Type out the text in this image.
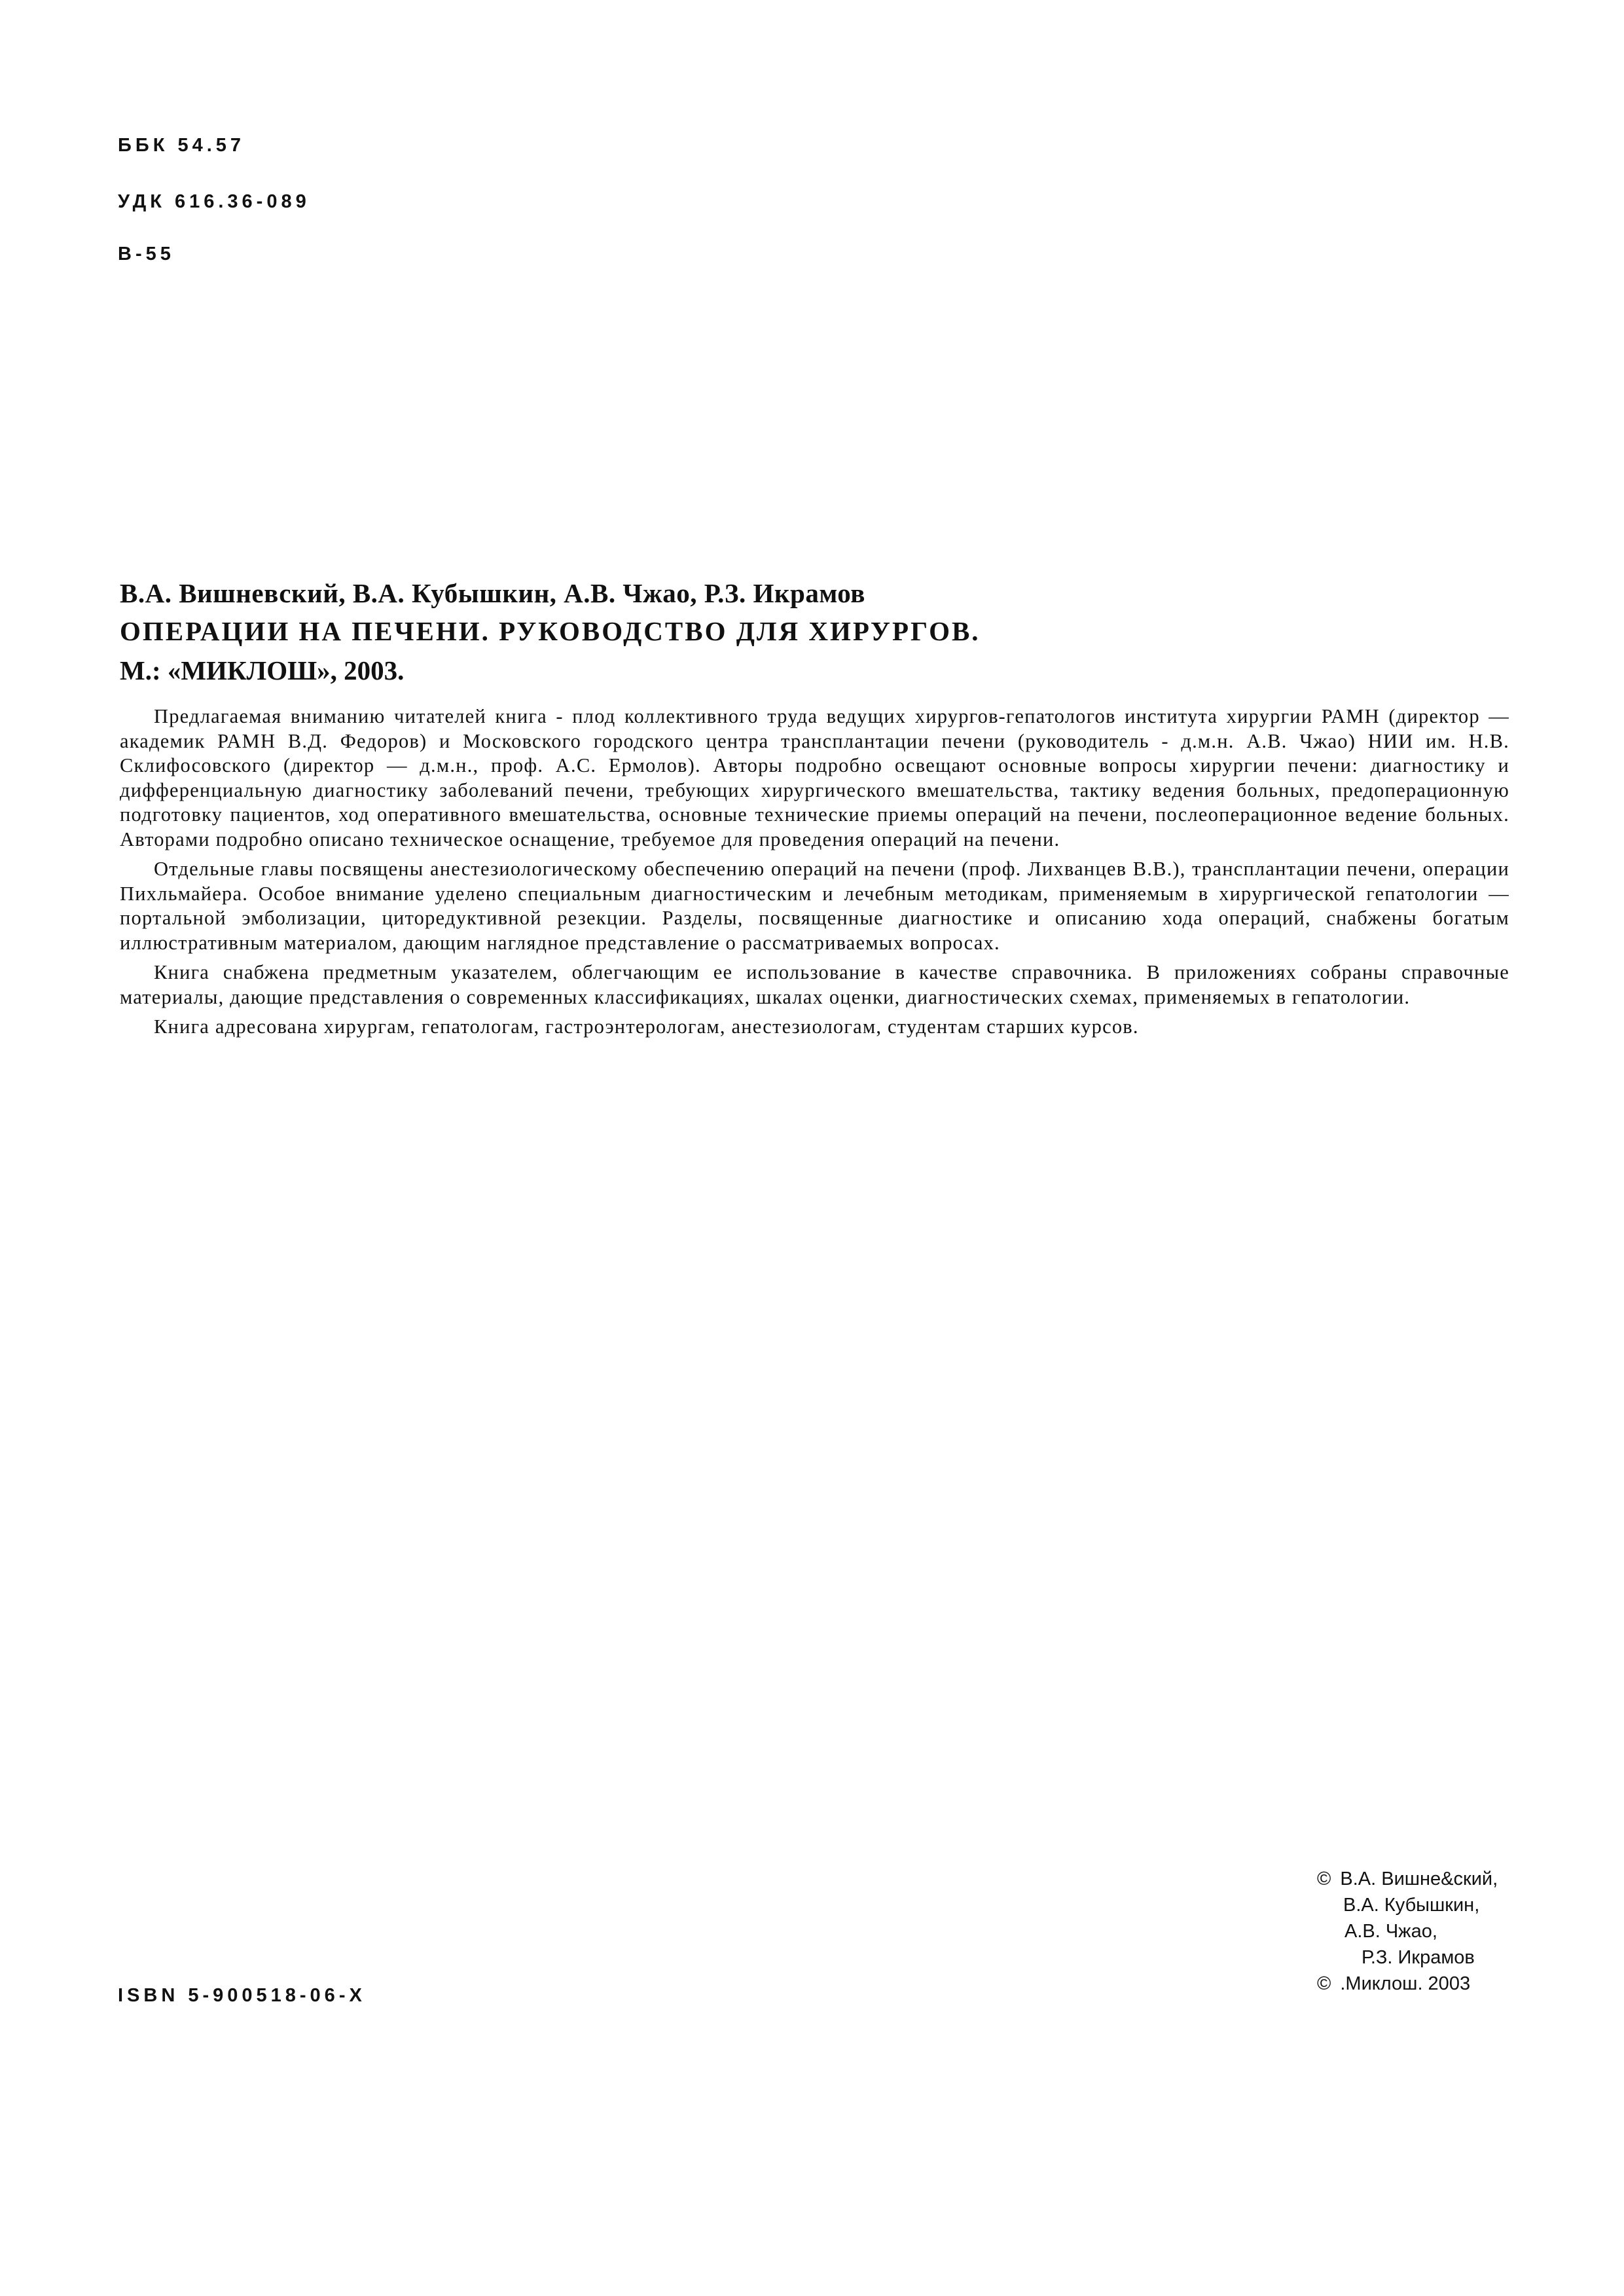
ББК 54.57
УДК 616.36-089
В-55
В.А. Вишневский, В.А. Кубышкин, А.В. Чжао, Р.З. Икрамов
ОПЕРАЦИИ НА ПЕЧЕНИ. РУКОВОДСТВО ДЛЯ ХИРУРГОВ.
М.: «МИКЛОШ», 2003.

Предлагаемая вниманию читателей книга - плод коллективного труда ведущих хирургов-гепатологов института хирургии РАМН (директор — академик РАМН В.Д. Федоров) и Московского городского центра трансплантации печени (руководитель - д.м.н. А.В. Чжао) НИИ им. Н.В. Склифосовского (директор — д.м.н., проф. А.С. Ермолов). Авторы подробно освещают основные вопросы хирургии печени: диагностику и дифференциальную диагностику заболеваний печени, требующих хирургического вмешательства, тактику ведения больных, предоперационную подготовку пациентов, ход оперативного вмешательства, основные технические приемы операций на печени, послеоперационное ведение больных. Авторами подробно описано техническое оснащение, требуемое для проведения операций на печени.

Отдельные главы посвящены анестезиологическому обеспечению операций на печени (проф. Лихванцев В.В.), трансплантации печени, операции Пихльмайера. Особое внимание уделено специальным диагностическим и лечебным методикам, применяемым в хирургической гепатологии — портальной эмболизации, циторедуктивной резекции. Разделы, посвященные диагностике и описанию хода операций, снабжены богатым иллюстративным материалом, дающим наглядное представление о рассматриваемых вопросах.

Книга снабжена предметным указателем, облегчающим ее использование в качестве справочника. В приложениях собраны справочные материалы, дающие представления о современных классификациях, шкалах оценки, диагностических схемах, применяемых в гепатологии.

Книга адресована хирургам, гепатологам, гастроэнтерологам, анестезиологам, студентам старших курсов.

ISBN 5-900518-06-X
© В.А. Вишне&ский,
В.А. Кубышкин,
А.В. Чжао,
Р.З. Икрамов
© .Миклош. 2003
